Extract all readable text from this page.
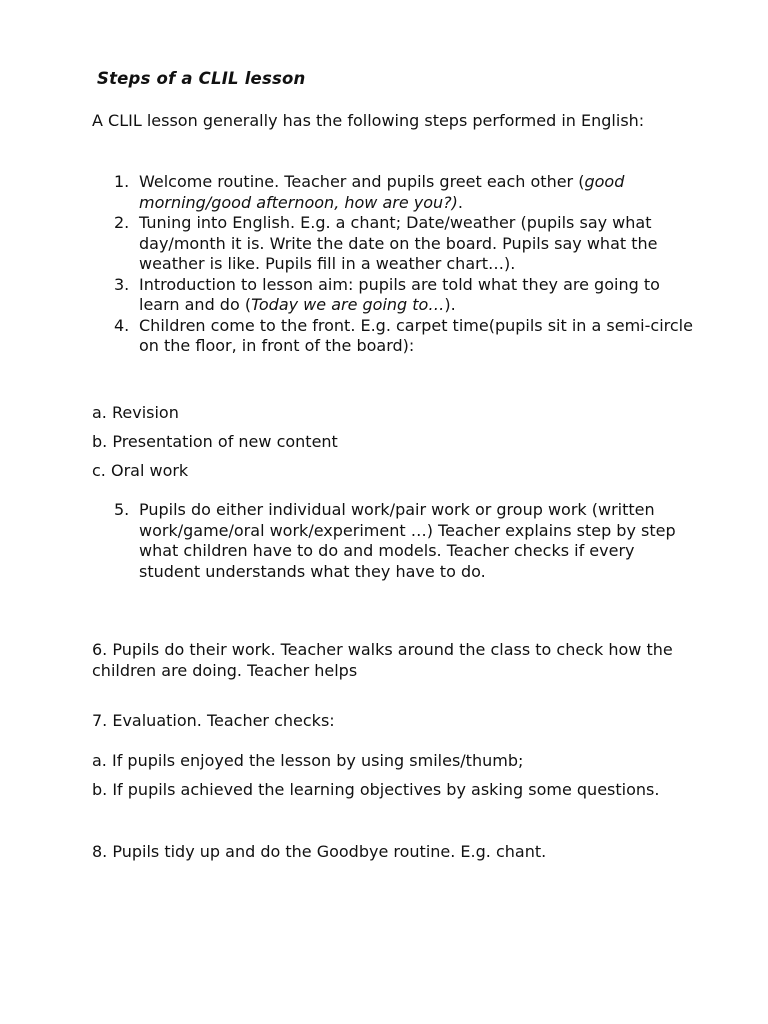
Steps of a CLIL lesson
A CLIL lesson generally has the following steps performed in English:
1. Welcome routine. Teacher and pupils greet each other (good morning/good afternoon, how are you?).
2. Tuning into English. E.g. a chant; Date/weather (pupils say what day/month it is. Write the date on the board. Pupils say what the weather is like. Pupils fill in a weather chart…).
3. Introduction to lesson aim: pupils are told what they are going to learn and do (Today we are going to…).
4. Children come to the front. E.g. carpet time(pupils sit in a semi-circle on the floor, in front of the board):
a. Revision
b. Presentation of new content
c. Oral work
5. Pupils do either individual work/pair work or group work (written work/game/oral work/experiment …) Teacher explains step by step what children have to do and models. Teacher checks if every student understands what they have to do.
6. Pupils do their work. Teacher walks around the class to check how the children are doing. Teacher helps
7. Evaluation. Teacher checks:
a. If pupils enjoyed the lesson by using smiles/thumb;
b. If pupils achieved the learning objectives by asking some questions.
8. Pupils tidy up and do the Goodbye routine. E.g. chant.
